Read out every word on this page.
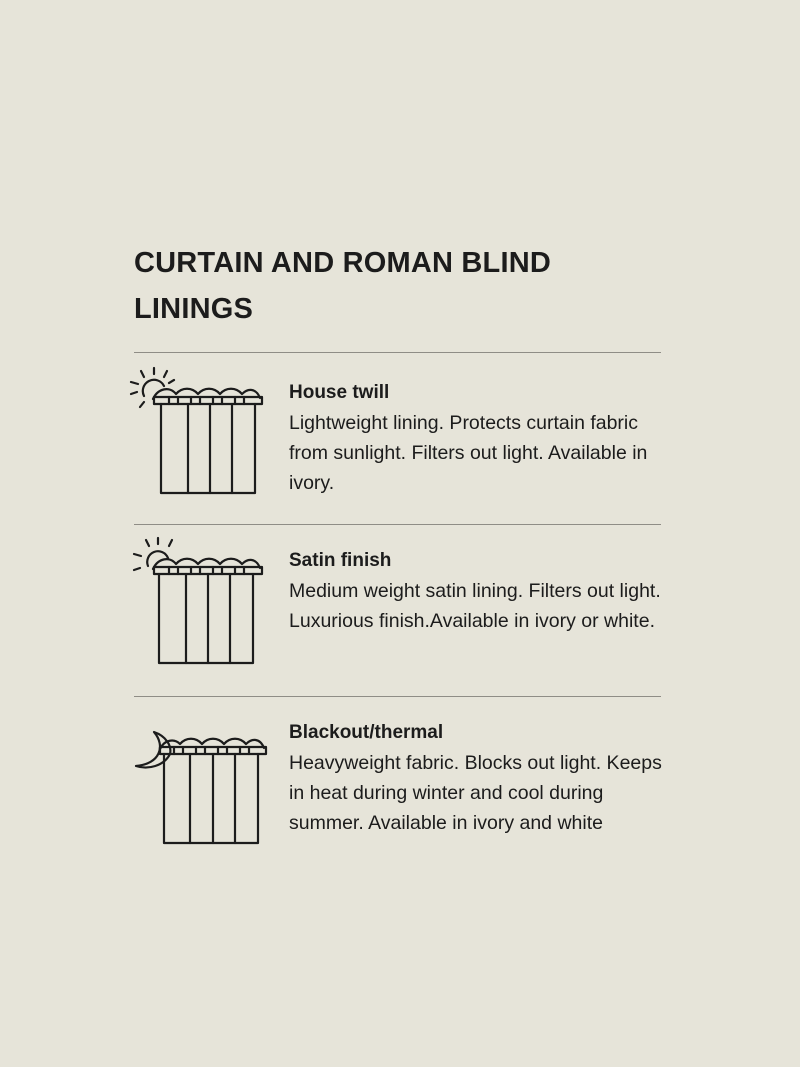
CURTAIN AND ROMAN BLIND LININGS

House twill

Lightweight lining. Protects curtain fabric from sunlight. Filters out light. Available in ivory.

Satin finish

Medium weight satin lining. Filters out light. Luxurious finish.Available in ivory or white.

Blackout/thermal

Heavyweight fabric. Blocks out light. Keeps in heat during winter and cool during summer. Available in ivory and white
